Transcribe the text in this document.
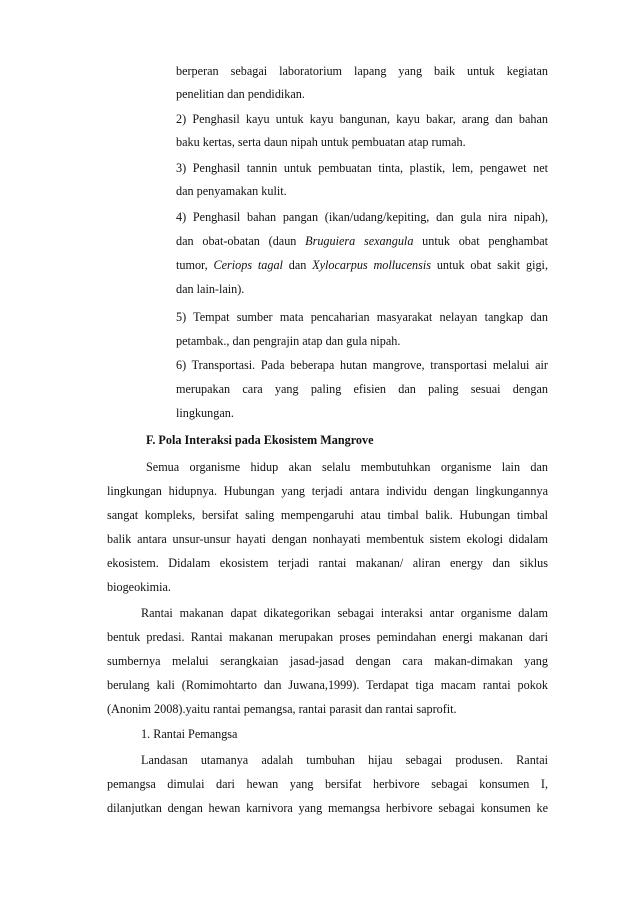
berperan sebagai laboratorium lapang yang baik untuk kegiatan
penelitian dan pendidikan.
2) Penghasil kayu untuk kayu bangunan, kayu bakar, arang dan bahan
baku kertas, serta daun nipah untuk pembuatan atap rumah.
3) Penghasil tannin untuk pembuatan tinta, plastik, lem, pengawet net
dan penyamakan kulit.
4) Penghasil bahan pangan (ikan/udang/kepiting, dan gula nira nipah),
dan obat-obatan (daun Bruguiera sexangula untuk obat penghambat
tumor, Ceriops tagal dan Xylocarpus mollucensis untuk obat sakit gigi,
dan lain-lain).
5) Tempat sumber mata pencaharian masyarakat nelayan tangkap dan
petambak., dan pengrajin atap dan gula nipah.
6) Transportasi. Pada beberapa hutan mangrove, transportasi melalui air
merupakan cara yang paling efisien dan paling sesuai dengan
lingkungan.
F. Pola Interaksi pada Ekosistem Mangrove
Semua organisme hidup akan selalu membutuhkan organisme lain dan
lingkungan hidupnya. Hubungan yang terjadi antara individu dengan lingkungannya
sangat kompleks, bersifat saling mempengaruhi atau timbal balik. Hubungan timbal
balik antara unsur-unsur hayati dengan nonhayati membentuk sistem ekologi didalam
ekosistem. Didalam ekosistem terjadi rantai makanan/ aliran energy dan siklus
biogeokimia.
Rantai makanan dapat dikategorikan sebagai interaksi antar organisme dalam
bentuk predasi. Rantai makanan merupakan proses pemindahan energi makanan dari
sumbernya melalui serangkaian jasad-jasad dengan cara makan-dimakan yang
berulang kali (Romimohtarto dan Juwana,1999). Terdapat tiga macam rantai pokok
(Anonim 2008).yaitu rantai pemangsa, rantai parasit dan rantai saprofit.
1. Rantai Pemangsa
Landasan utamanya adalah tumbuhan hijau sebagai produsen. Rantai
pemangsa dimulai dari hewan yang bersifat herbivore sebagai konsumen I,
dilanjutkan dengan hewan karnivora yang memangsa herbivore sebagai konsumen ke
